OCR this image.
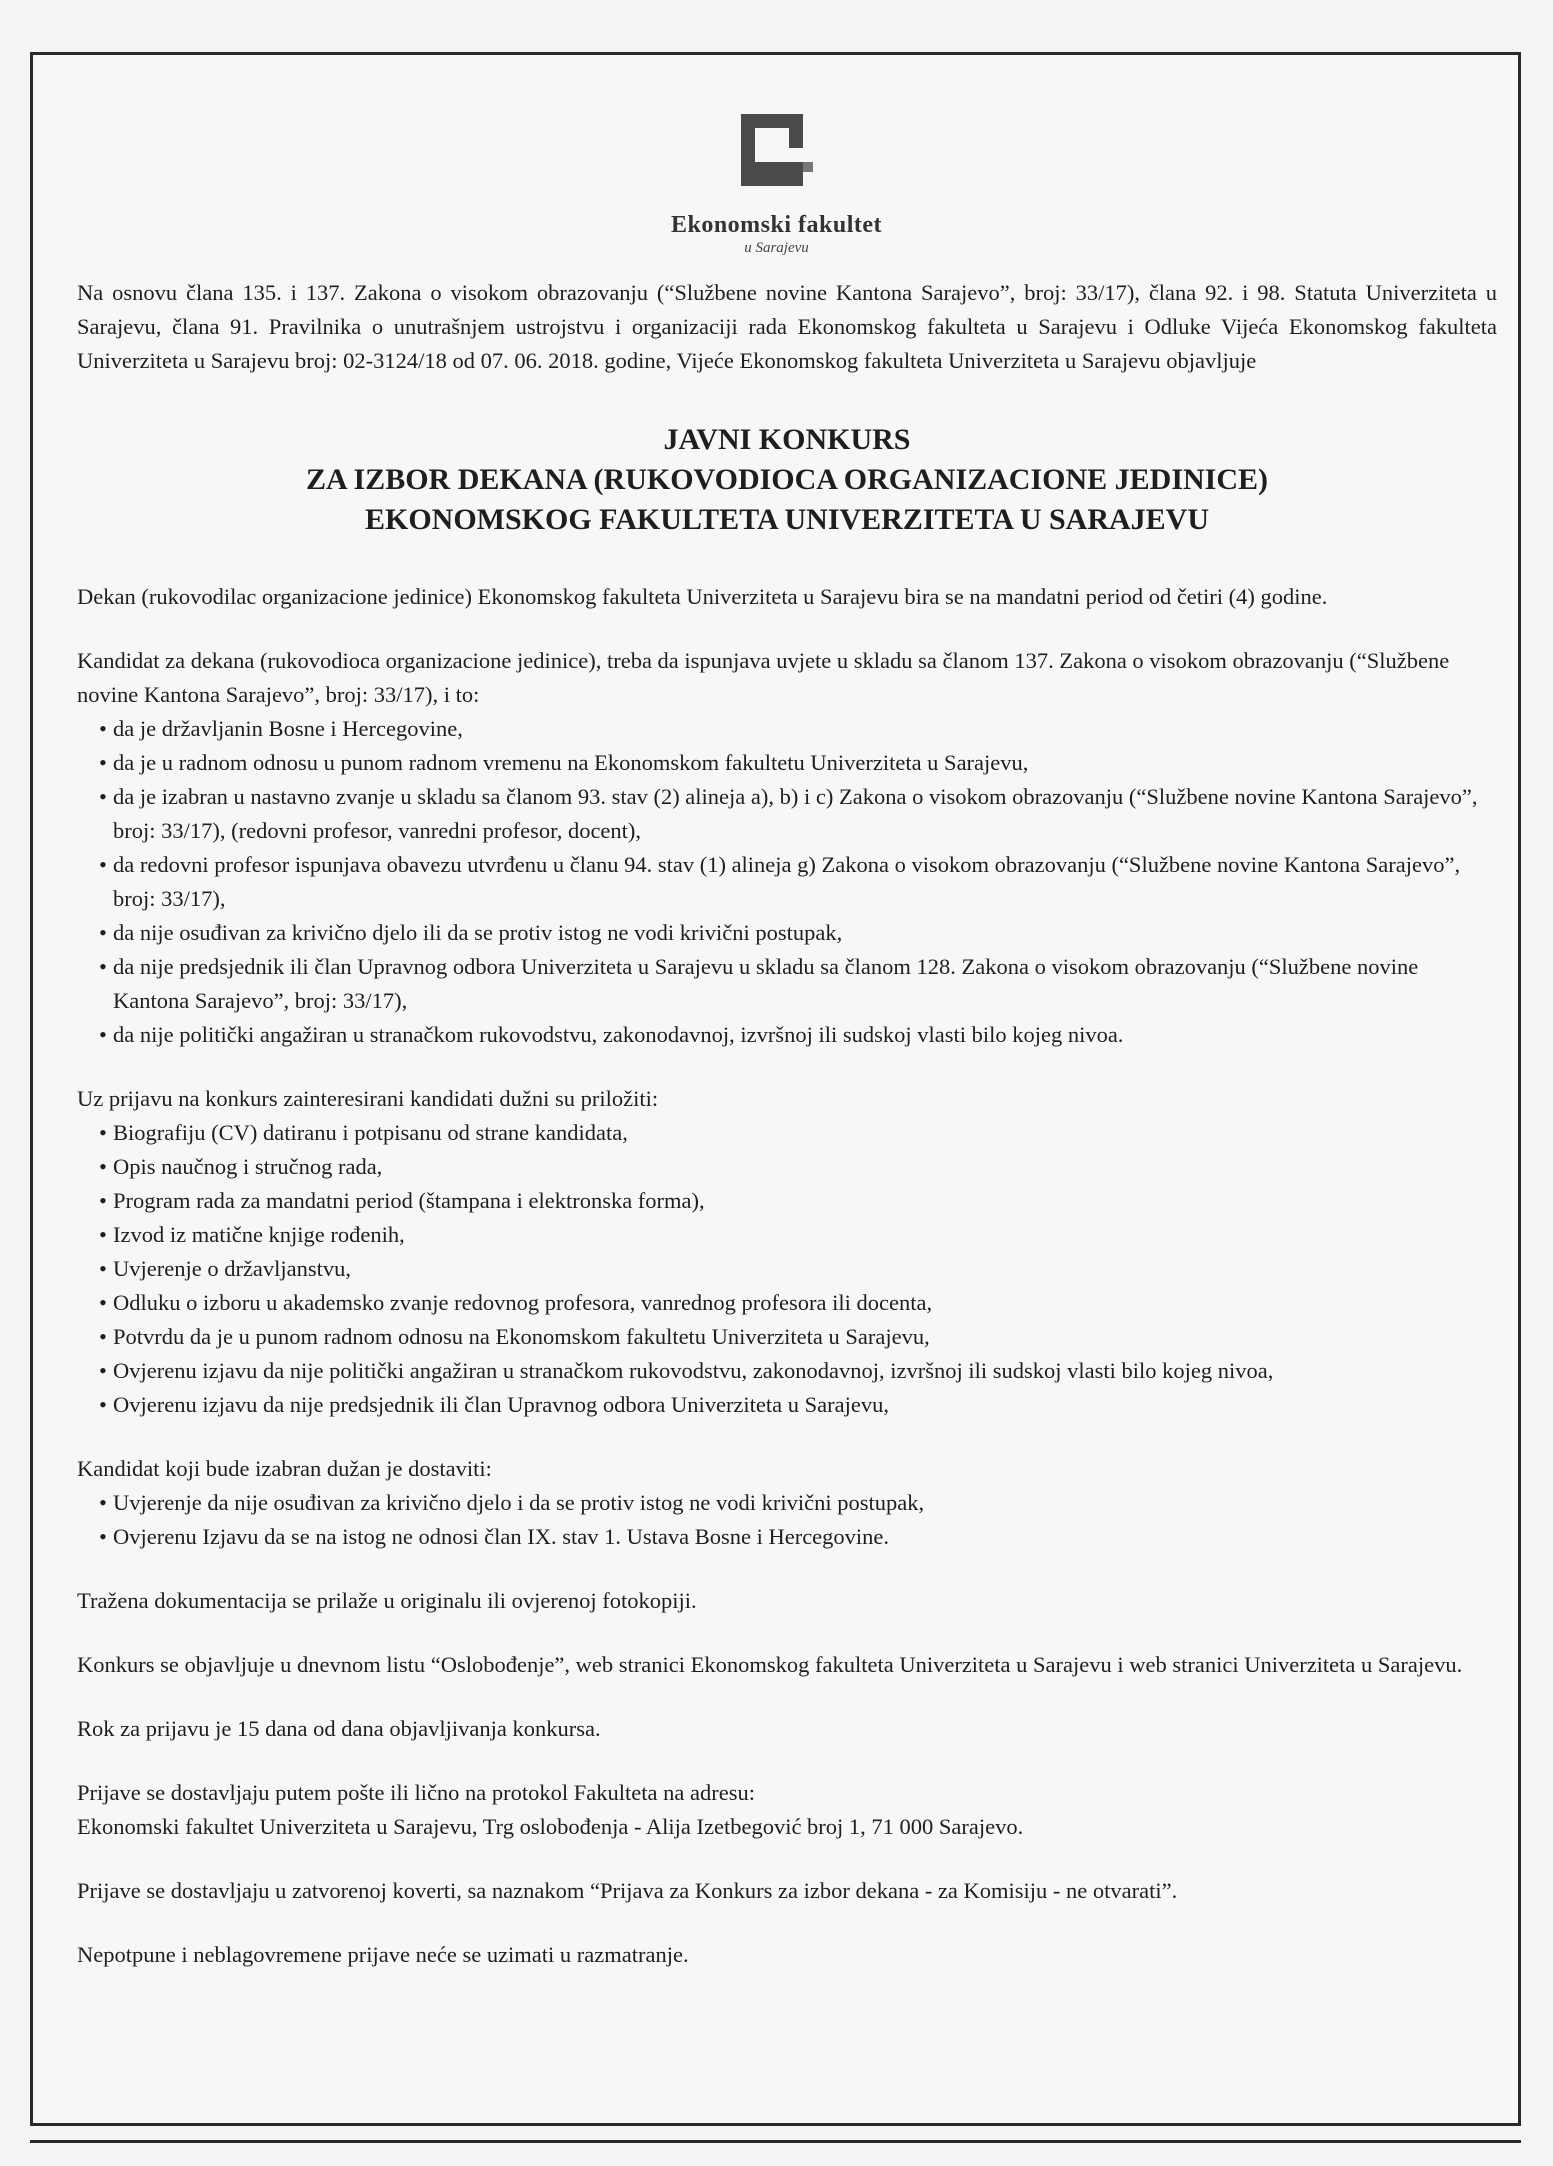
Ekonomski fakultet
u Sarajevu

Na osnovu člana 135. i 137. Zakona o visokom obrazovanju (“Službene novine Kantona Sarajevo”, broj: 33/17), člana 92. i 98. Statuta Univerziteta u Sarajevu, člana 91. Pravilnika o unutrašnjem ustrojstvu i organizaciji rada Ekonomskog fakulteta u Sarajevu i Odluke Vijeća Ekonomskog fakulteta Univerziteta u Sarajevu broj: 02-3124/18 od 07. 06. 2018. godine, Vijeće Ekonomskog fakulteta Univerziteta u Sarajevu objavljuje

JAVNI KONKURS
ZA IZBOR DEKANA (RUKOVODIOCA ORGANIZACIONE JEDINICE)
EKONOMSKOG FAKULTETA UNIVERZITETA U SARAJEVU

Dekan (rukovodilac organizacione jedinice) Ekonomskog fakulteta Univerziteta u Sarajevu bira se na mandatni period od četiri (4) godine.

Kandidat za dekana (rukovodioca organizacione jedinice), treba da ispunjava uvjete u skladu sa članom 137. Zakona o visokom obrazovanju (“Službene novine Kantona Sarajevo”, broj: 33/17), i to:

• da je državljanin Bosne i Hercegovine,
• da je u radnom odnosu u punom radnom vremenu na Ekonomskom fakultetu Univerziteta u Sarajevu,
• da je izabran u nastavno zvanje u skladu sa članom 93. stav (2) alineja a), b) i c) Zakona o visokom obrazovanju (“Službene novine Kantona Sarajevo”, broj: 33/17), (redovni profesor, vanredni profesor, docent),
• da redovni profesor ispunjava obavezu utvrđenu u članu 94. stav (1) alineja g) Zakona o visokom obrazovanju (“Službene novine Kantona Sarajevo”, broj: 33/17),
• da nije osuđivan za krivično djelo ili da se protiv istog ne vodi krivični postupak,
• da nije predsjednik ili član Upravnog odbora Univerziteta u Sarajevu u skladu sa članom 128. Zakona o visokom obrazovanju (“Službene novine Kantona Sarajevo”, broj: 33/17),
• da nije politički angažiran u stranačkom rukovodstvu, zakonodavnoj, izvršnoj ili sudskoj vlasti bilo kojeg nivoa.

Uz prijavu na konkurs zainteresirani kandidati dužni su priložiti:

• Biografiju (CV) datiranu i potpisanu od strane kandidata,
• Opis naučnog i stručnog rada,
• Program rada za mandatni period (štampana i elektronska forma),
• Izvod iz matične knjige rođenih,
• Uvjerenje o državljanstvu,
• Odluku o izboru u akademsko zvanje redovnog profesora, vanrednog profesora ili docenta,
• Potvrdu da je u punom radnom odnosu na Ekonomskom fakultetu Univerziteta u Sarajevu,
• Ovjerenu izjavu da nije politički angažiran u stranačkom rukovodstvu, zakonodavnoj, izvršnoj ili sudskoj vlasti bilo kojeg nivoa,
• Ovjerenu izjavu da nije predsjednik ili član Upravnog odbora Univerziteta u Sarajevu,

Kandidat koji bude izabran dužan je dostaviti:

• Uvjerenje da nije osuđivan za krivično djelo i da se protiv istog ne vodi krivični postupak,
• Ovjerenu Izjavu da se na istog ne odnosi član IX. stav 1. Ustava Bosne i Hercegovine.

Tražena dokumentacija se prilaže u originalu ili ovjerenoj fotokopiji.

Konkurs se objavljuje u dnevnom listu “Oslobođenje”, web stranici Ekonomskog fakulteta Univerziteta u Sarajevu i web stranici Univerziteta u Sarajevu.

Rok za prijavu je 15 dana od dana objavljivanja konkursa.

Prijave se dostavljaju putem pošte ili lično na protokol Fakulteta na adresu:

Ekonomski fakultet Univerziteta u Sarajevu, Trg oslobođenja - Alija Izetbegović broj 1, 71 000 Sarajevo.

Prijave se dostavljaju u zatvorenoj koverti, sa naznakom “Prijava za Konkurs za izbor dekana - za Komisiju - ne otvarati”.

Nepotpune i neblagovremene prijave neće se uzimati u razmatranje.
